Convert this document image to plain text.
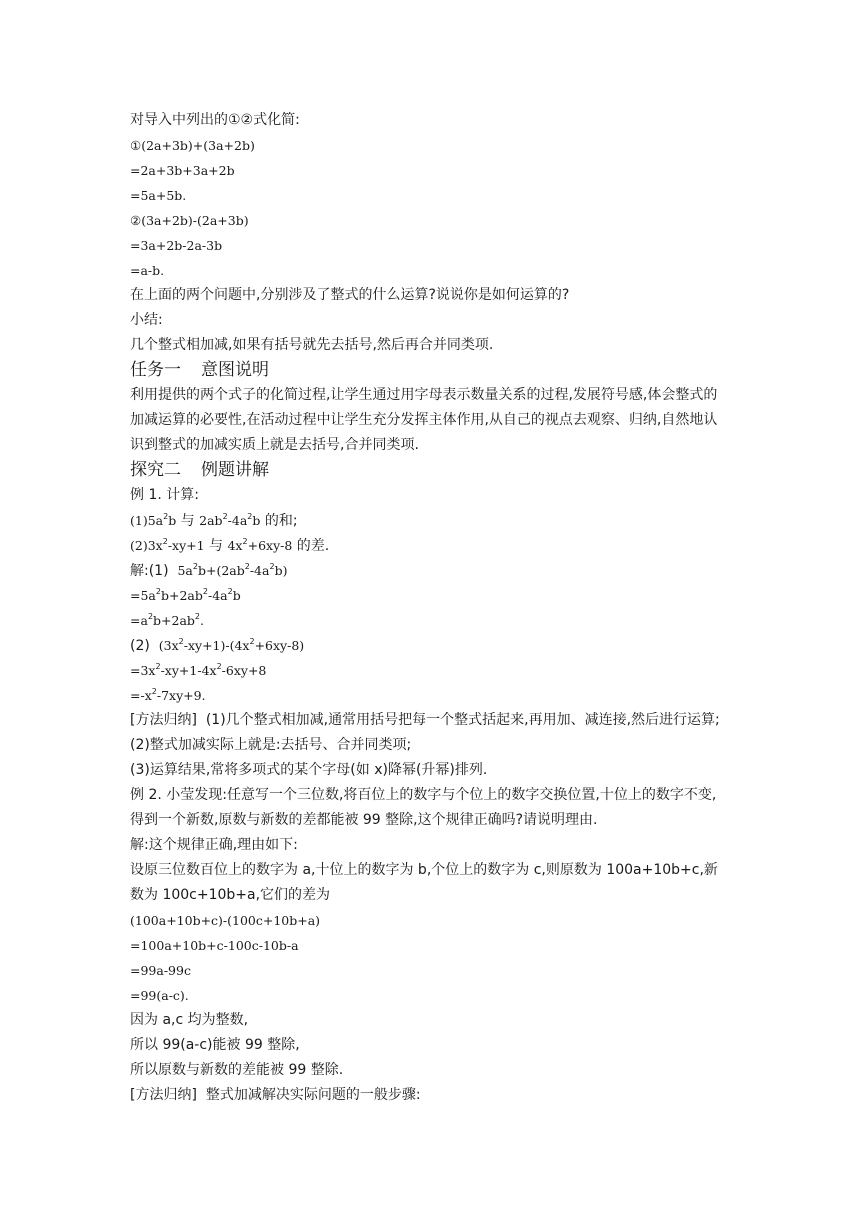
对导入中列出的①②式化简:
①(2a+3b)+(3a+2b)
=2a+3b+3a+2b
=5a+5b.
②(3a+2b)-(2a+3b)
=3a+2b-2a-3b
=a-b.
在上面的两个问题中,分别涉及了整式的什么运算?说说你是如何运算的?
小结:
几个整式相加减,如果有括号就先去括号,然后再合并同类项.
任务一 意图说明
利用提供的两个式子的化简过程,让学生通过用字母表示数量关系的过程,发展符号感,体会整式的加减运算的必要性,在活动过程中让学生充分发挥主体作用,从自己的视点去观察、归纳,自然地认识到整式的加减实质上就是去括号,合并同类项.
探究二 例题讲解
例 1. 计算:
$(1)5a^2b$ 与 $2ab^2-4a^2b$ 的和;
$(2)3x^2-xy+1$ 与 $4x^2+6xy-8$ 的差.
解:(1) $5a^2b+(2ab^2-4a^2b)$
$=5a^2b+2ab^2-4a^2b$
$=a^2b+2ab^2$.
(2) $(3x^2-xy+1)-(4x^2+6xy-8)$
$=3x^2-xy+1-4x^2-6xy+8$
$=-x^2-7xy+9$.
[方法归纳] (1)几个整式相加减,通常用括号把每一个整式括起来,再用加、减连接,然后进行运算;
(2)整式加减实际上就是:去括号、合并同类项;
(3)运算结果,常将多项式的某个字母(如 x)降幂(升幂)排列.
例 2. 小莹发现:任意写一个三位数,将百位上的数字与个位上的数字交换位置,十位上的数字不变,得到一个新数,原数与新数的差都能被 99 整除,这个规律正确吗?请说明理由.
解:这个规律正确,理由如下:
设原三位数百位上的数字为 a,十位上的数字为 b,个位上的数字为 c,则原数为 100a+10b+c,新数为 100c+10b+a,它们的差为
(100a+10b+c)-(100c+10b+a)
=100a+10b+c-100c-10b-a
=99a-99c
=99(a-c).
因为 a,c 均为整数,
所以 99(a-c)能被 99 整除,
所以原数与新数的差能被 99 整除.
[方法归纳] 整式加减解决实际问题的一般步骤:
